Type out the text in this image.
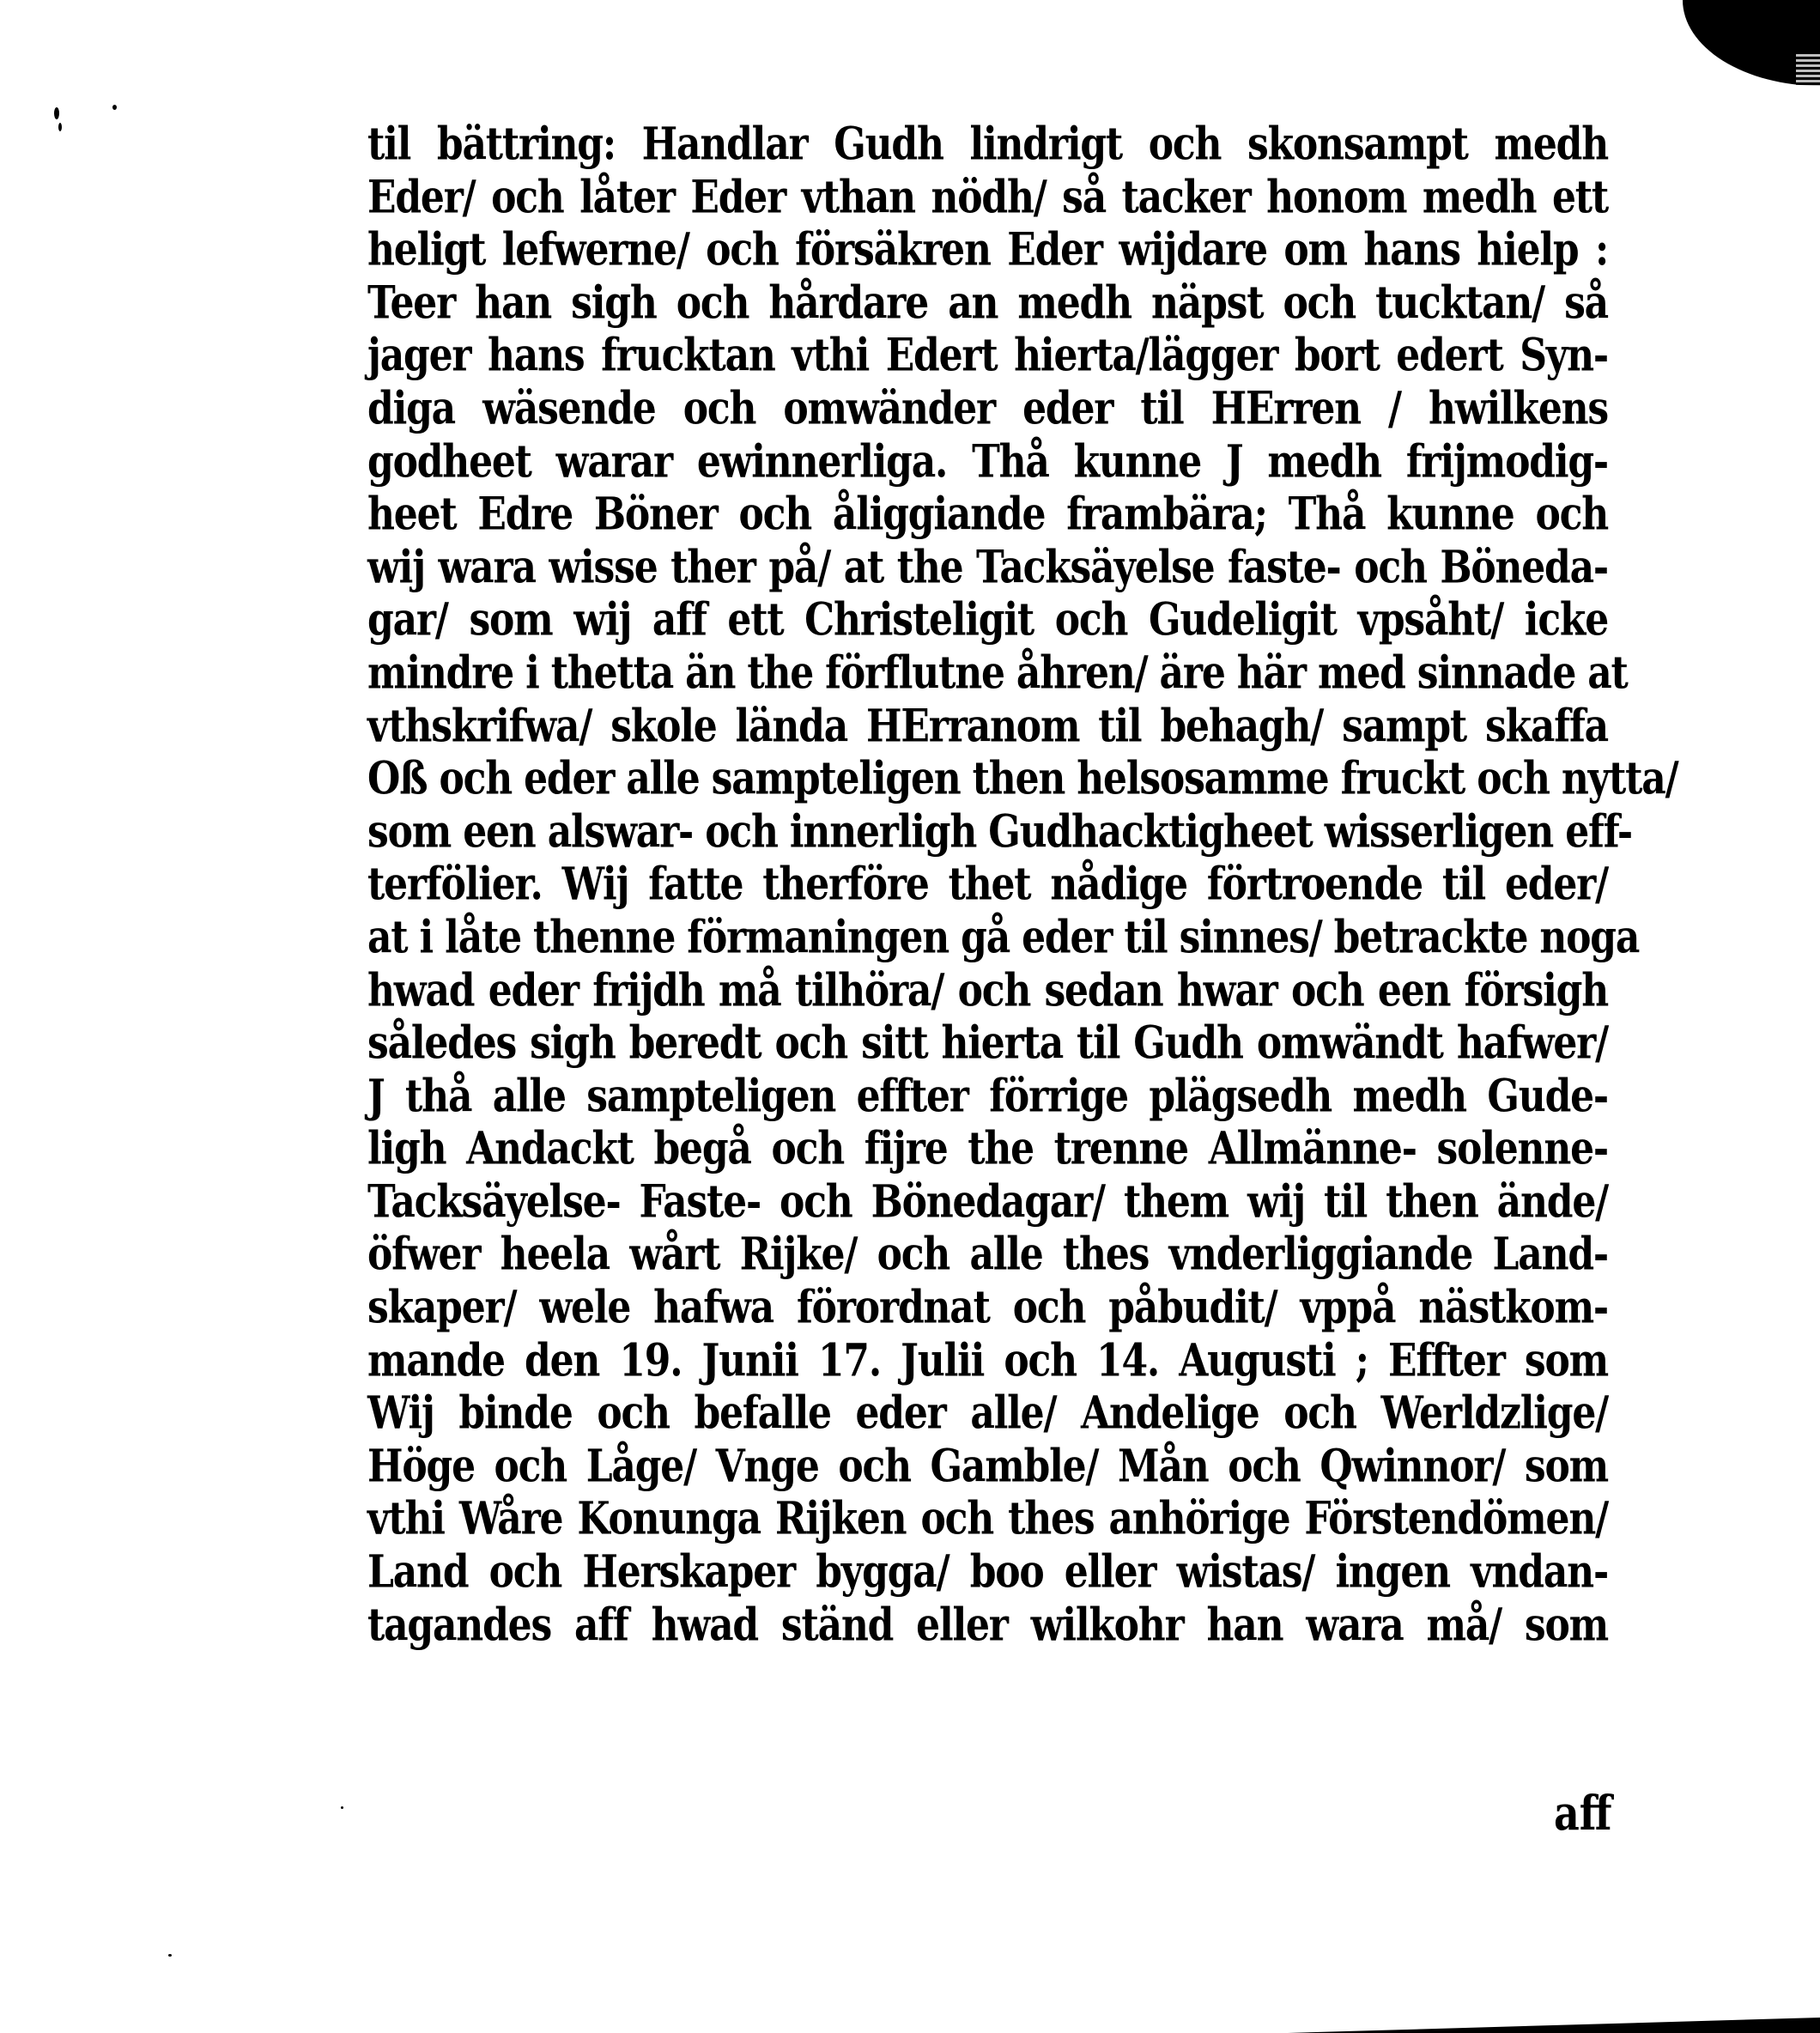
til bättring: Handlar Gudh lindrigt och skonsampt medh
Eder/ och låter Eder vthan nödh/ så tacker honom medh ett
heligt lefwerne/ och försäkren Eder wijdare om hans hielp :
Teer han sigh och hårdare an medh näpst och tucktan/ så
jager hans frucktan vthi Edert hierta/lägger bort edert Syn-
diga wäsende och omwänder eder til HErren / hwilkens
godheet warar ewinnerliga. Thå kunne J medh frijmodig-
heet Edre Böner och åliggiande frambära; Thå kunne och
wij wara wisse ther på/ at the Tacksäyelse faste- och Böneda-
gar/ som wij aff ett Christeligit och Gudeligit vpsåht/ icke
mindre i thetta än the förflutne åhren/ äre här med sinnade at
vthskrifwa/ skole lända HErranom til behagh/ sampt skaffa
Oß och eder alle sampteligen then helsosamme fruckt och nytta/
som een alswar- och innerligh Gudhacktigheet wisserligen eff-
terfölier. Wij fatte therföre thet nådige förtroende til eder/
at i låte thenne förmaningen gå eder til sinnes/ betrackte noga
hwad eder frijdh må tilhöra/ och sedan hwar och een försigh
således sigh beredt och sitt hierta til Gudh omwändt hafwer/
J thå alle sampteligen effter förrige plägsedh medh Gude-
ligh Andackt begå och fijre the trenne Allmänne- solenne-
Tacksäyelse- Faste- och Bönedagar/ them wij til then ände/
öfwer heela wårt Rijke/ och alle thes vnderliggiande Land-
skaper/ wele hafwa förordnat och påbudit/ vppå nästkom-
mande den 19. Junii 17. Julii och 14. Augusti ; Effter som
Wij binde och befalle eder alle/ Andelige och Werldzlige/
Höge och Låge/ Vnge och Gamble/ Mån och Qwinnor/ som
vthi Wåre Konunga Rijken och thes anhörige Förstendömen/
Land och Herskaper bygga/ boo eller wistas/ ingen vndan-
tagandes aff hwad ständ eller wilkohr han wara må/ som
aff
